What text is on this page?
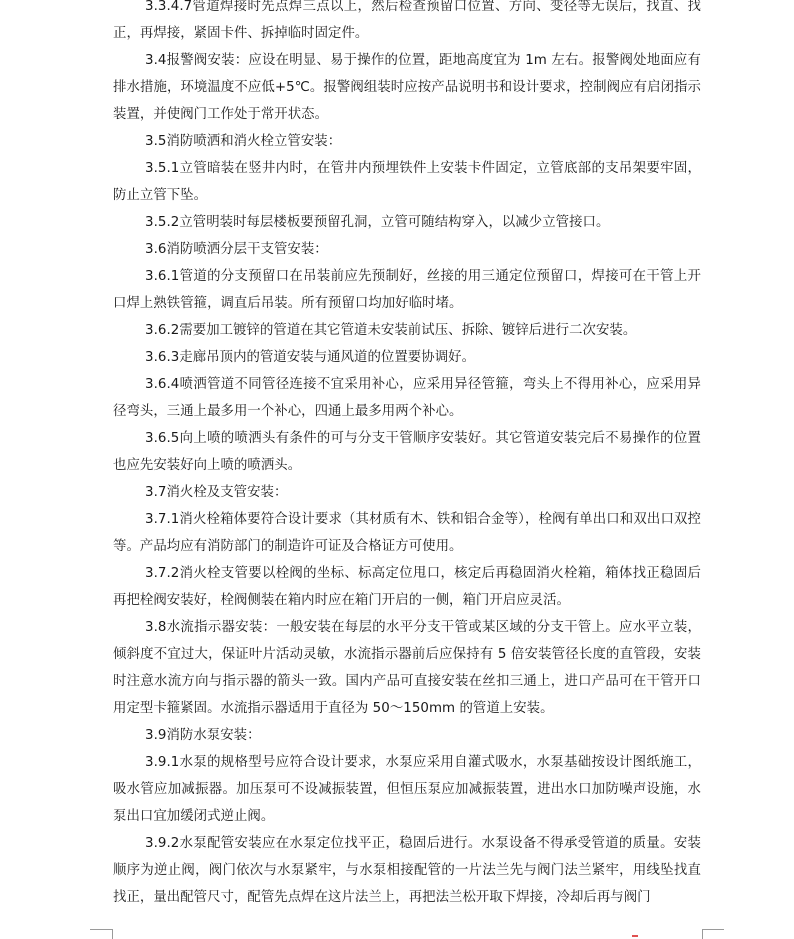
3.3.4.7管道焊接时先点焊三点以上，然后检查预留口位置、方向、变径等无误后，找直、找正，再焊接，紧固卡件、拆掉临时固定件。

3.4报警阀安装：应设在明显、易于操作的位置，距地高度宜为 1m 左右。报警阀处地面应有排水措施，环境温度不应低+5℃。报警阀组装时应按产品说明书和设计要求，控制阀应有启闭指示装置，并使阀门工作处于常开状态。

3.5消防喷洒和消火栓立管安装：

3.5.1立管暗装在竖井内时，在管井内预埋铁件上安装卡件固定，立管底部的支吊架要牢固，防止立管下坠。

3.5.2立管明装时每层楼板要预留孔洞，立管可随结构穿入，以减少立管接口。

3.6消防喷洒分层干支管安装：

3.6.1管道的分支预留口在吊装前应先预制好，丝接的用三通定位预留口，焊接可在干管上开口焊上熟铁管箍，调直后吊装。所有预留口均加好临时堵。

3.6.2需要加工镀锌的管道在其它管道未安装前试压、拆除、镀锌后进行二次安装。

3.6.3走廊吊顶内的管道安装与通风道的位置要协调好。

3.6.4喷洒管道不同管径连接不宜采用补心，应采用异径管箍，弯头上不得用补心，应采用异径弯头，三通上最多用一个补心，四通上最多用两个补心。

3.6.5向上喷的喷洒头有条件的可与分支干管顺序安装好。其它管道安装完后不易操作的位置也应先安装好向上喷的喷洒头。

3.7消火栓及支管安装：

3.7.1消火栓箱体要符合设计要求（其材质有木、铁和铝合金等），栓阀有单出口和双出口双控等。产品均应有消防部门的制造许可证及合格证方可使用。

3.7.2消火栓支管要以栓阀的坐标、标高定位甩口，核定后再稳固消火栓箱，箱体找正稳固后再把栓阀安装好，栓阀侧装在箱内时应在箱门开启的一侧，箱门开启应灵活。

3.8水流指示器安装：一般安装在每层的水平分支干管或某区域的分支干管上。应水平立装，倾斜度不宜过大，保证叶片活动灵敏，水流指示器前后应保持有 5 倍安装管径长度的直管段，安装时注意水流方向与指示器的箭头一致。国内产品可直接安装在丝扣三通上，进口产品可在干管开口用定型卡箍紧固。水流指示器适用于直径为 50～150mm 的管道上安装。

3.9消防水泵安装：

3.9.1水泵的规格型号应符合设计要求，水泵应采用自灌式吸水，水泵基础按设计图纸施工，吸水管应加减振器。加压泵可不设减振装置，但恒压泵应加减振装置，进出水口加防噪声设施，水泵出口宜加缓闭式逆止阀。

3.9.2水泵配管安装应在水泵定位找平正，稳固后进行。水泵设备不得承受管道的质量。安装顺序为逆止阀，阀门依次与水泵紧牢，与水泵相接配管的一片法兰先与阀门法兰紧牢，用线坠找直找正，量出配管尺寸，配管先点焊在这片法兰上，再把法兰松开取下焊接，冷却后再与阀门
